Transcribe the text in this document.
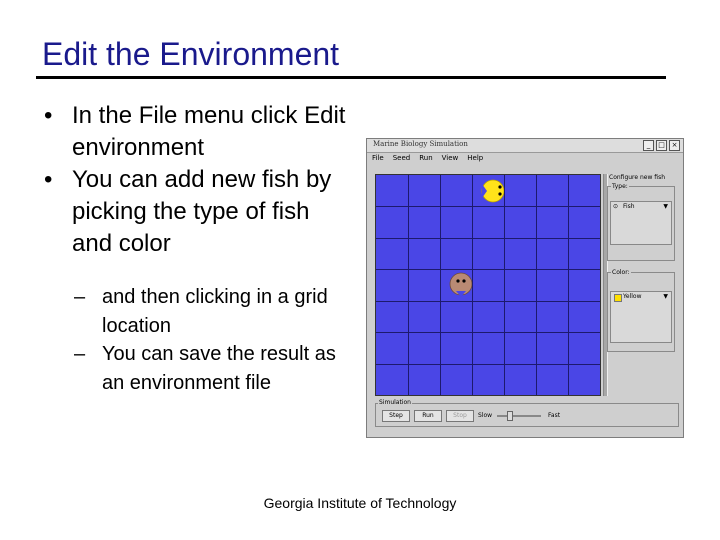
Edit the Environment
• In the File menu click Edit environment
• You can add new fish by picking the type of fish and color
– and then clicking in a grid location
– You can save the result as an environment file
Marine Biology Simulation	_	□ ×
File Seed Run View Help
Configure new fish
Type:
⊙ Fish	▼
Color:
Yellow	▼
Simulation
Step	Run	Stop	Slow	Fast
Georgia Institute of Technology
